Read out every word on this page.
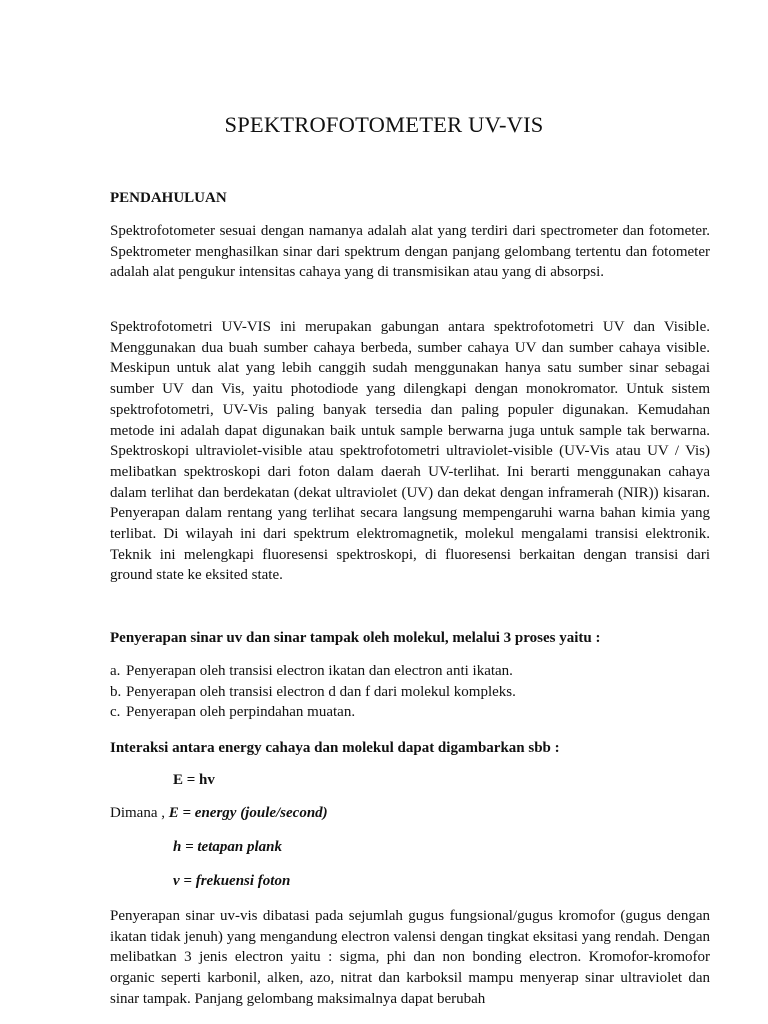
SPEKTROFOTOMETER UV-VIS
PENDAHULUAN

Spektrofotometer sesuai dengan namanya adalah alat yang terdiri dari spectrometer dan fotometer. Spektrometer menghasilkan sinar dari spektrum dengan panjang gelombang tertentu dan fotometer adalah alat pengukur intensitas cahaya yang di transmisikan atau yang di absorpsi.

Spektrofotometri UV-VIS ini merupakan gabungan antara spektrofotometri UV dan Visible. Menggunakan dua buah sumber cahaya berbeda, sumber cahaya UV dan sumber cahaya visible. Meskipun untuk alat yang lebih canggih sudah menggunakan hanya satu sumber sinar sebagai sumber UV dan Vis, yaitu photodiode yang dilengkapi dengan monokromator. Untuk sistem spektrofotometri, UV-Vis paling banyak tersedia dan paling populer digunakan. Kemudahan metode ini adalah dapat digunakan baik untuk sample berwarna juga untuk sample tak berwarna. Spektroskopi ultraviolet-visible atau spektrofotometri ultraviolet-visible (UV-Vis atau UV / Vis) melibatkan spektroskopi dari foton dalam daerah UV-terlihat. Ini berarti menggunakan cahaya dalam terlihat dan berdekatan (dekat ultraviolet (UV) dan dekat dengan inframerah (NIR)) kisaran. Penyerapan dalam rentang yang terlihat secara langsung mempengaruhi warna bahan kimia yang terlibat. Di wilayah ini dari spektrum elektromagnetik, molekul mengalami transisi elektronik. Teknik ini melengkapi fluoresensi spektroskopi, di fluoresensi berkaitan dengan transisi dari ground state ke eksited state.

Penyerapan sinar uv dan sinar tampak oleh molekul, melalui 3 proses yaitu :

a. Penyerapan oleh transisi electron ikatan dan electron anti ikatan.
b. Penyerapan oleh transisi electron d dan f dari molekul kompleks.
c. Penyerapan oleh perpindahan muatan.

Interaksi antara energy cahaya dan molekul dapat digambarkan sbb :

E = hv

Dimana , E = energy (joule/second)

h = tetapan plank

v = frekuensi foton

Penyerapan sinar uv-vis dibatasi pada sejumlah gugus fungsional/gugus kromofor (gugus dengan ikatan tidak jenuh) yang mengandung electron valensi dengan tingkat eksitasi yang rendah. Dengan melibatkan 3 jenis electron yaitu : sigma, phi dan non bonding electron. Kromofor-kromofor organic seperti karbonil, alken, azo, nitrat dan karboksil mampu menyerap sinar ultraviolet dan sinar tampak. Panjang gelombang maksimalnya dapat berubah
